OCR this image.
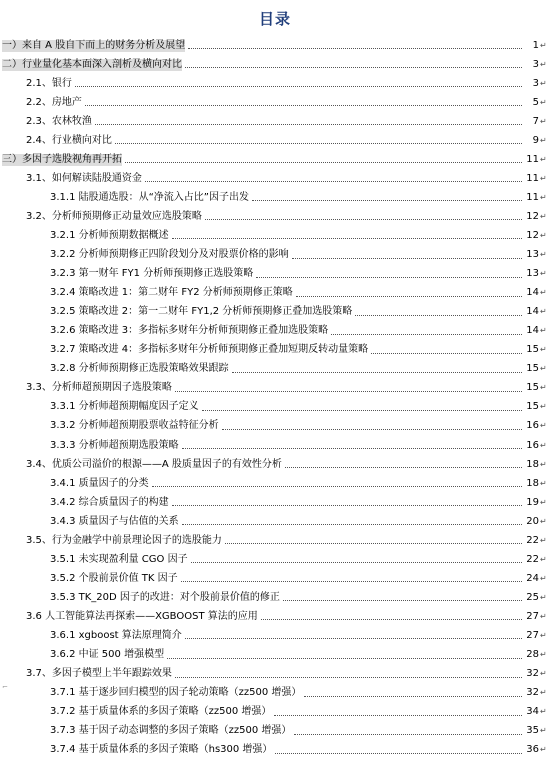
目录
一）来自 A 股自下而上的财务分析及展望	1 ↵
二）行业量化基本面深入剖析及横向对比	3 ↵
2.1、银行	3 ↵
2.2、房地产	5 ↵
2.3、农林牧渔	7 ↵
2.4、行业横向对比	9 ↵
三）多因子选股视角再开拓	11 ↵
3.1、如何解读陆股通资金	11 ↵
3.1.1 陆股通选股：从“净流入占比”因子出发	11 ↵
3.2、分析师预期修正动量效应选股策略	12 ↵
3.2.1 分析师预期数据概述	12 ↵
3.2.2 分析师预期修正四阶段划分及对股票价格的影响	13 ↵
3.2.3 第一财年 FY1 分析师预期修正选股策略	13 ↵
3.2.4 策略改进 1：第二财年 FY2 分析师预期修正策略	14 ↵
3.2.5 策略改进 2：第一二财年 FY1,2 分析师预期修正叠加选股策略	14 ↵
3.2.6 策略改进 3：多指标多财年分析师预期修正叠加选股策略	14 ↵
3.2.7 策略改进 4：多指标多财年分析师预期修正叠加短期反转动量策略	15 ↵
3.2.8 分析师预期修正选股策略效果跟踪	15 ↵
3.3、分析师超预期因子选股策略	15 ↵
3.3.1 分析师超预期幅度因子定义	15 ↵
3.3.2 分析师超预期股票收益特征分析	16 ↵
3.3.3 分析师超预期选股策略	16 ↵
3.4、优质公司溢价的根源——A 股质量因子的有效性分析	18 ↵
3.4.1 质量因子的分类	18 ↵
3.4.2 综合质量因子的构建	19 ↵
3.4.3 质量因子与估值的关系	20 ↵
3.5、行为金融学中前景理论因子的选股能力	22 ↵
3.5.1 未实现盈利量 CGO 因子	22 ↵
3.5.2 个股前景价值 TK 因子	24 ↵
3.5.3 TK_20D 因子的改进：对个股前景价值的修正	25 ↵
3.6 人工智能算法再探索——XGBOOST 算法的应用	27 ↵
3.6.1 xgboost 算法原理简介	27 ↵
3.6.2 中证 500 增强模型	28 ↵
3.7、多因子模型上半年跟踪效果	32 ↵
3.7.1 基于逐步回归模型的因子轮动策略（zz500 增强）	32 ↵
3.7.2 基于质量体系的多因子策略（zz500 增强）	34 ↵
3.7.3 基于因子动态调整的多因子策略（zz500 增强）	35 ↵
3.7.4 基于质量体系的多因子策略（hs300 增强）	36 ↵
⌐
